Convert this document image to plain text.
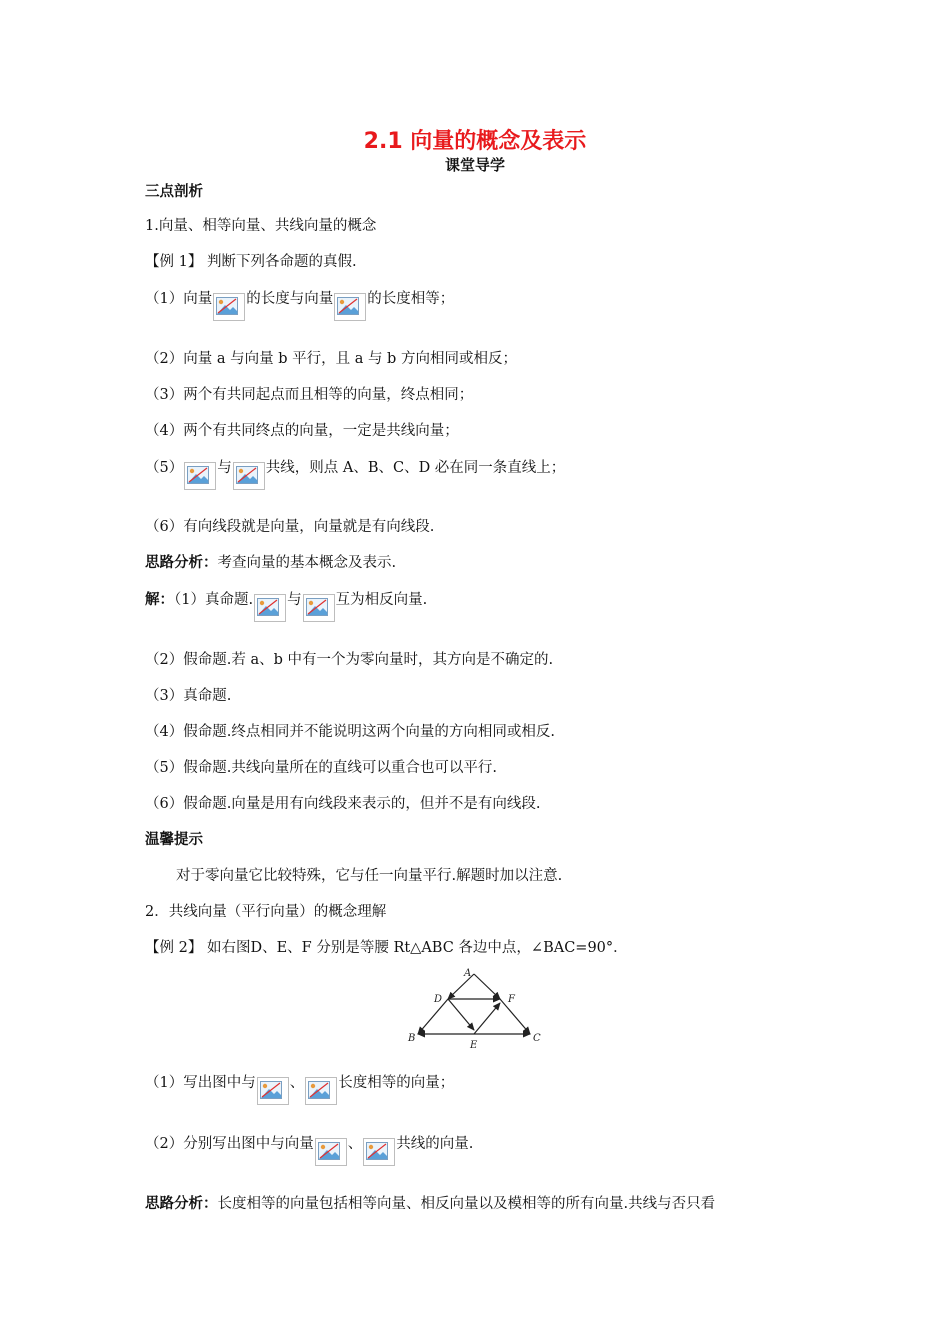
2.1 向量的概念及表示
课堂导学
三点剖析
1.向量、相等向量、共线向量的概念
【例 1】 判断下列各命题的真假.
（1）向量 的长度与向量 的长度相等；
（2）向量 a 与向量 b 平行，且 a 与 b 方向相同或相反；
（3）两个有共同起点而且相等的向量，终点相同；
（4）两个有共同终点的向量，一定是共线向量；
（5） 与 共线，则点 A、B、C、D 必在同一条直线上；
（6）有向线段就是向量，向量就是有向线段.
思路分析：考查向量的基本概念及表示.
解：（1）真命题. 与 互为相反向量.
（2）假命题.若 a、b 中有一个为零向量时，其方向是不确定的.
（3）真命题.
（4）假命题.终点相同并不能说明这两个向量的方向相同或相反.
（5）假命题.共线向量所在的直线可以重合也可以平行.
（6）假命题.向量是用有向线段来表示的，但并不是有向线段.
温馨提示
对于零向量它比较特殊，它与任一向量平行.解题时加以注意.
2．共线向量（平行向量）的概念理解
【例 2】 如右图D、E、F 分别是等腰 Rt△ABC 各边中点，∠BAC=90°．
A
D	F
B	C
E
（1）写出图中与 、 长度相等的向量；
（2）分别写出图中与向量 、 共线的向量.
思路分析：长度相等的向量包括相等向量、相反向量以及模相等的所有向量.共线与否只看
